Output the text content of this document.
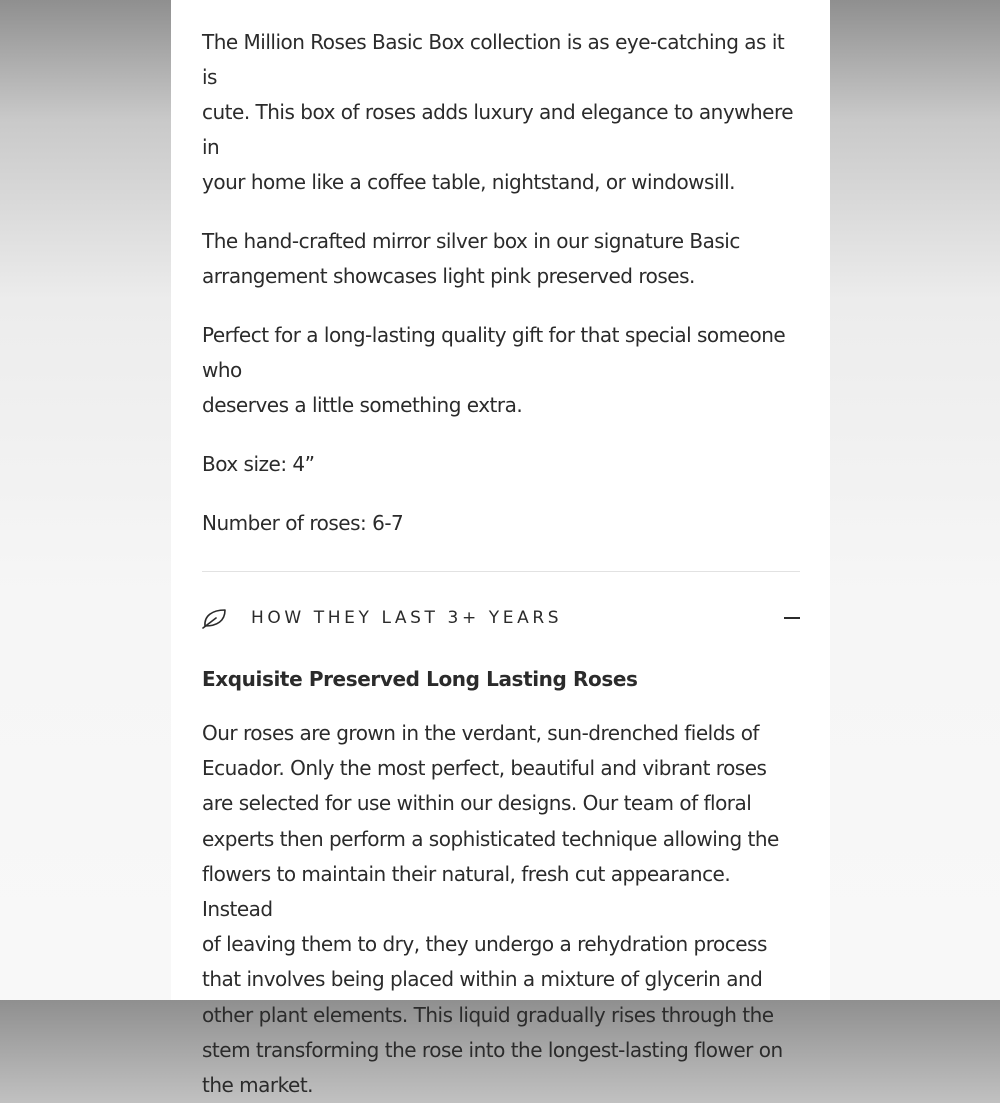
The Million Roses Basic Box collection is as eye-catching as it is
cute. This box of roses adds luxury and elegance to anywhere in
your home like a coffee table, nightstand, or windowsill.

The hand-crafted mirror silver box in our signature Basic
arrangement showcases light pink preserved roses.

Perfect for a long-lasting quality gift for that special someone who
deserves a little something extra.

Box size: 4”

Number of roses: 6-7

HOW THEY LAST 3+ YEARS
Exquisite Preserved Long Lasting Roses

Our roses are grown in the verdant, sun-drenched fields of
Ecuador. Only the most perfect, beautiful and vibrant roses
are selected for use within our designs. Our team of floral
experts then perform a sophisticated technique allowing the
flowers to maintain their natural, fresh cut appearance. Instead
of leaving them to dry, they undergo a rehydration process
that involves being placed within a mixture of glycerin and
other plant elements. This liquid gradually rises through the
stem transforming the rose into the longest-lasting flower on
the market.
